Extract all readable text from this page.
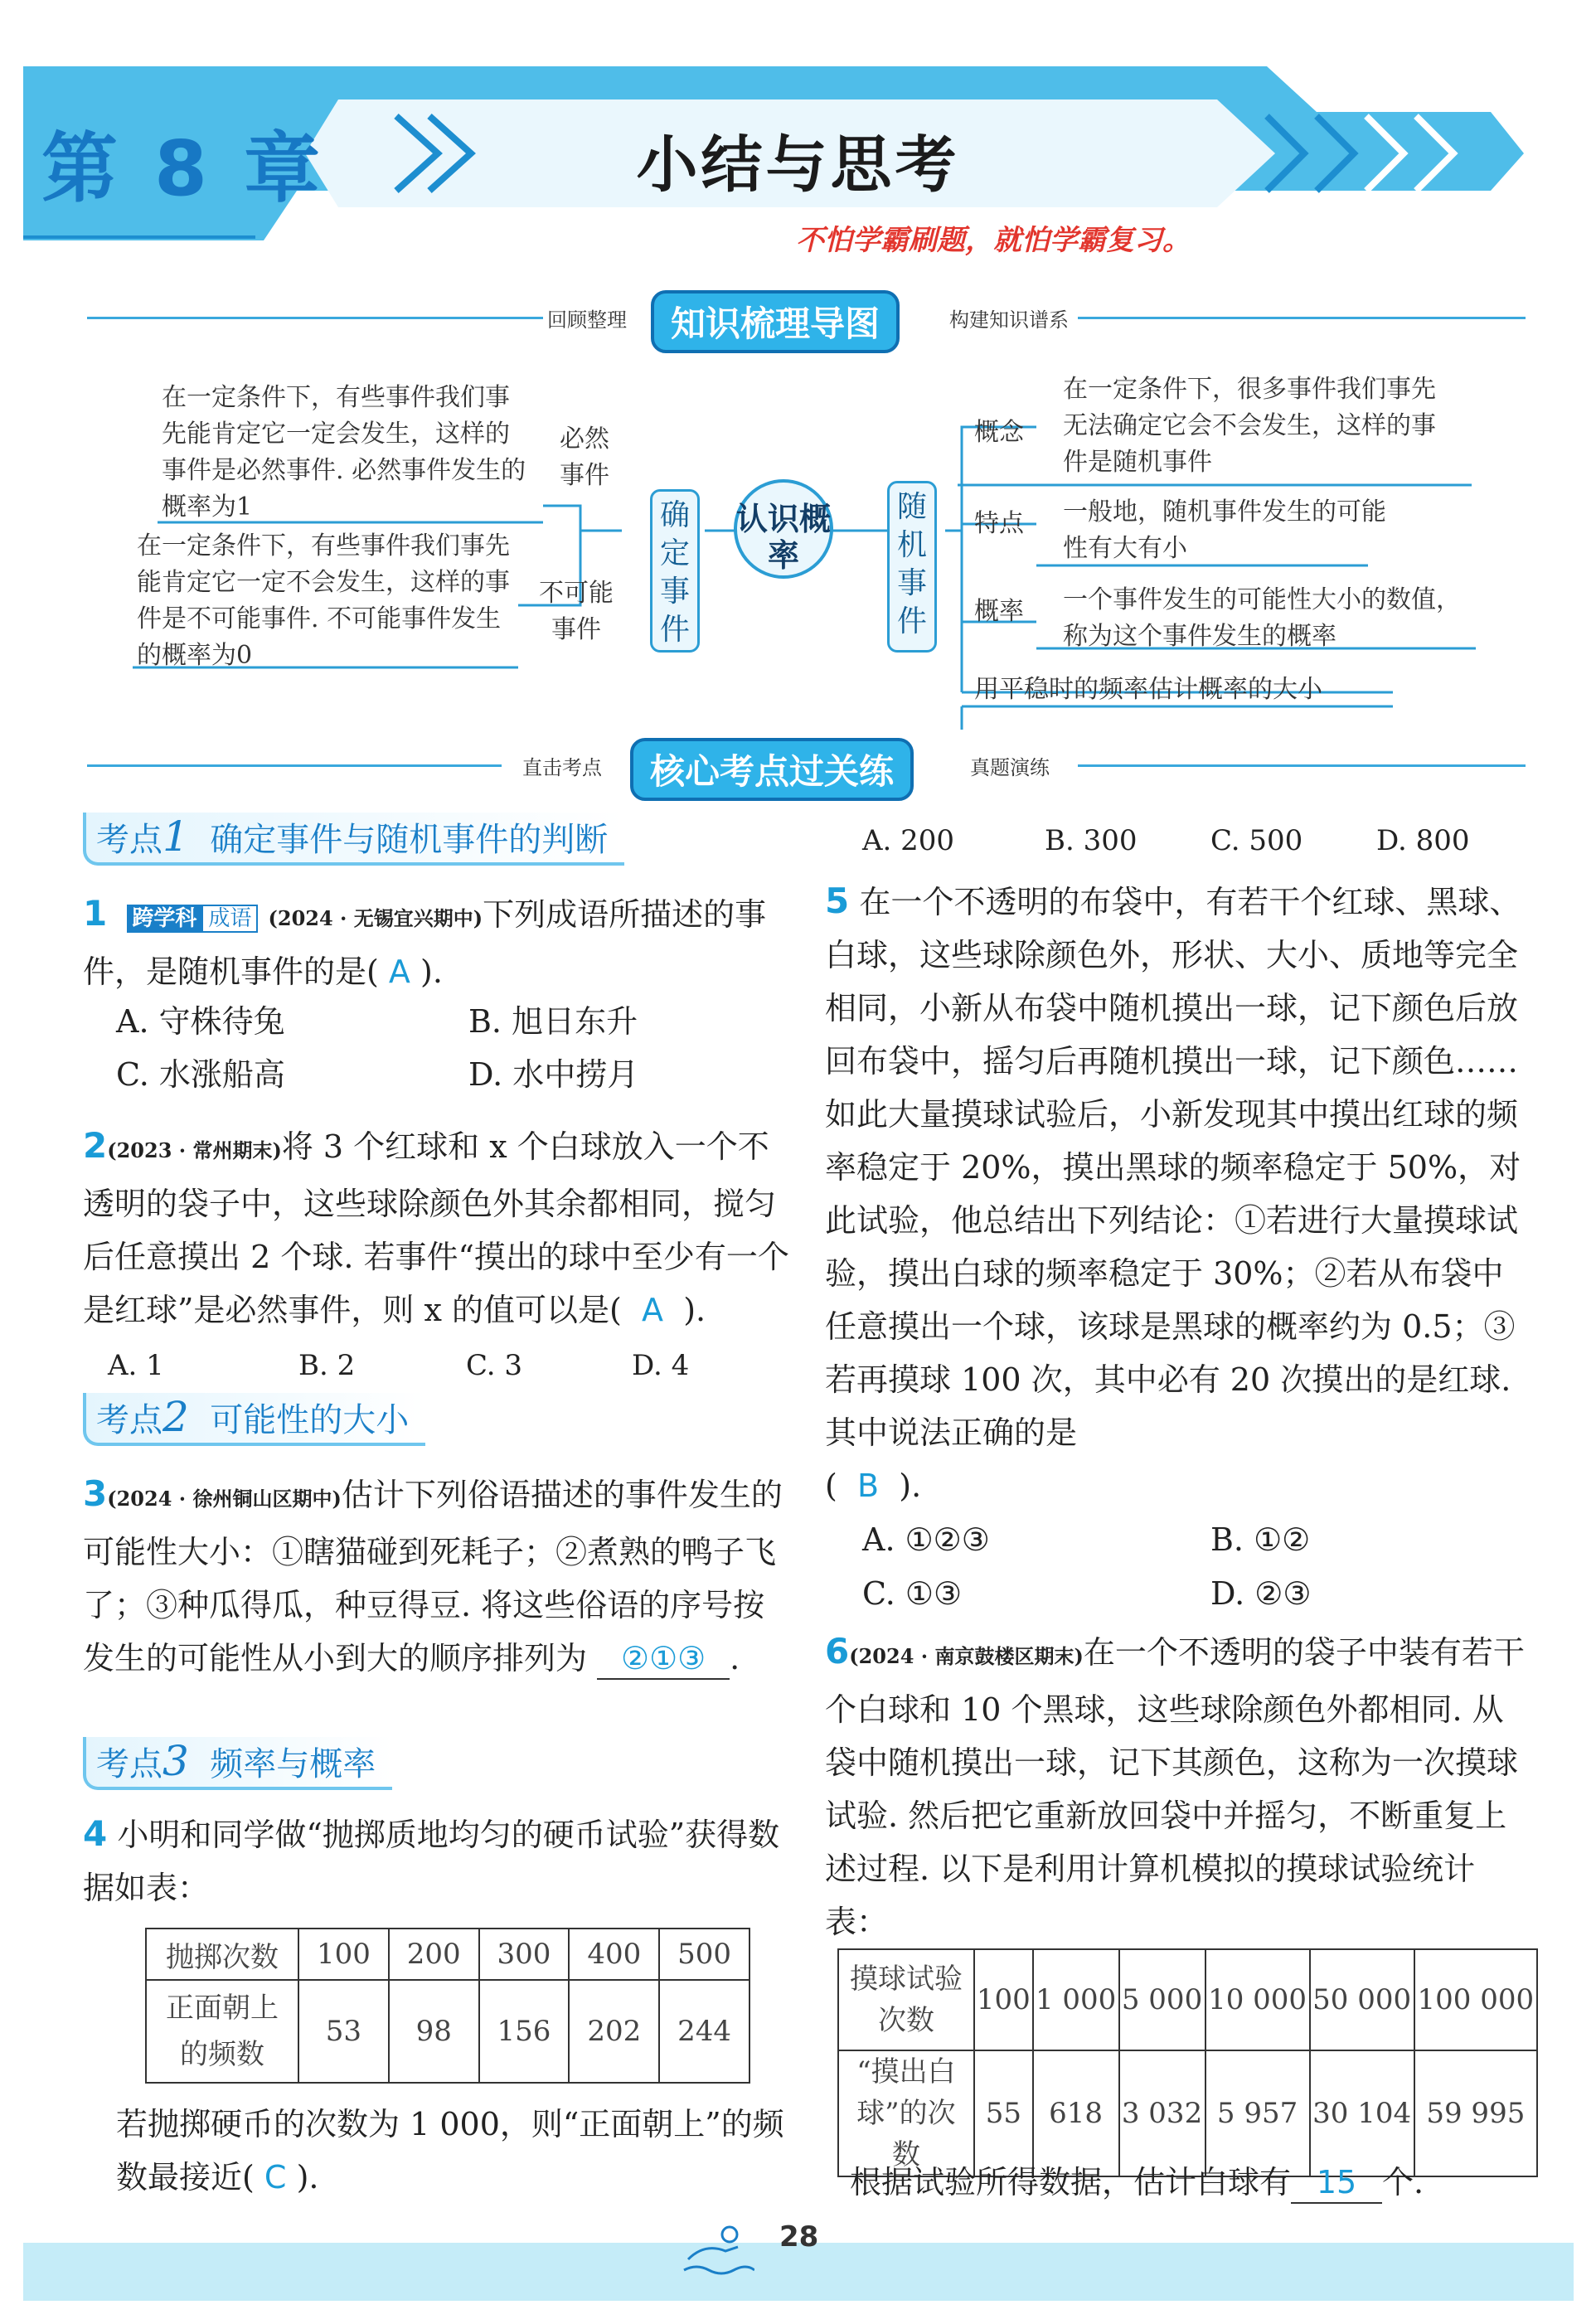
第 8 章	小结与思考
不怕学霸刷题，就怕学霸复习。
回顾整理	知识梳理导图	构建知识谱系
在一定条件下，有些事件我们事先能肯定它一定会发生，这样的事件是必然事件. 必然事件发生的概率为1
必然事件
在一定条件下，有些事件我们事先能肯定它一定不会发生，这样的事件是不可能事件. 不可能事件发生的概率为0
不可能事件
确定事件
认识概率
随机事件
概念
在一定条件下，很多事件我们事先无法确定它会不会发生，这样的事件是随机事件
特点 一般地，随机事件发生的可能性有大有小
概率 一个事件发生的可能性大小的数值，称为这个事件发生的概率
用平稳时的频率估计概率的大小
直击考点	核心考点过关练	真题演练
考点1 确定事件与随机事件的判断
1 跨学科 成语 (2024 · 无锡宜兴期中)下列成语所描述的事件，是随机事件的是( A ).
A. 守株待兔	B. 旭日东升
C. 水涨船高	D. 水中捞月
2(2023 · 常州期末)将 3 个红球和 x 个白球放入一个不透明的袋子中，这些球除颜色外其余都相同，搅匀后任意摸出 2 个球. 若事件“摸出的球中至少有一个是红球”是必然事件，则 x 的值可以是( A ).
A. 1	B. 2	C. 3	D. 4
考点2 可能性的大小
3(2024 · 徐州铜山区期中)估计下列俗语描述的事件发生的可能性大小：①瞎猫碰到死耗子；②煮熟的鸭子飞了；③种瓜得瓜，种豆得豆. 将这些俗语的序号按发生的可能性从小到大的顺序排列为 ②①③ .
考点3 频率与概率
4 小明和同学做“抛掷质地均匀的硬币试验”获得数据如表：
抛掷次数	100	200	300	400	500
正面朝上的频数	53	98	156	202	244
若抛掷硬币的次数为 1 000，则“正面朝上”的频数最接近( C ).
A. 200	B. 300	C. 500	D. 800
5 在一个不透明的布袋中，有若干个红球、黑球、白球，这些球除颜色外，形状、大小、质地等完全相同，小新从布袋中随机摸出一球，记下颜色后放回布袋中，摇匀后再随机摸出一球，记下颜色……如此大量摸球试验后，小新发现其中摸出红球的频率稳定于 20%，摸出黑球的频率稳定于 50%，对此试验，他总结出下列结论：①若进行大量摸球试验，摸出白球的频率稳定于 30%；②若从布袋中任意摸出一个球，该球是黑球的概率约为 0.5；③若再摸球 100 次，其中必有 20 次摸出的是红球. 其中说法正确的是
( B ).
A. ①②③	B. ①②
C. ①③	D. ②③
6(2024 · 南京鼓楼区期末)在一个不透明的袋子中装有若干个白球和 10 个黑球，这些球除颜色外都相同. 从袋中随机摸出一球，记下其颜色，这称为一次摸球试验. 然后把它重新放回袋中并摇匀，不断重复上述过程. 以下是利用计算机模拟的摸球试验统计表：
摸球试验次数	100	1 000	5 000	10 000	50 000	100 000
“摸出白球”的次数	55	618	3 032	5 957	30 104	59 995
根据试验所得数据，估计白球有 15 个.
28
